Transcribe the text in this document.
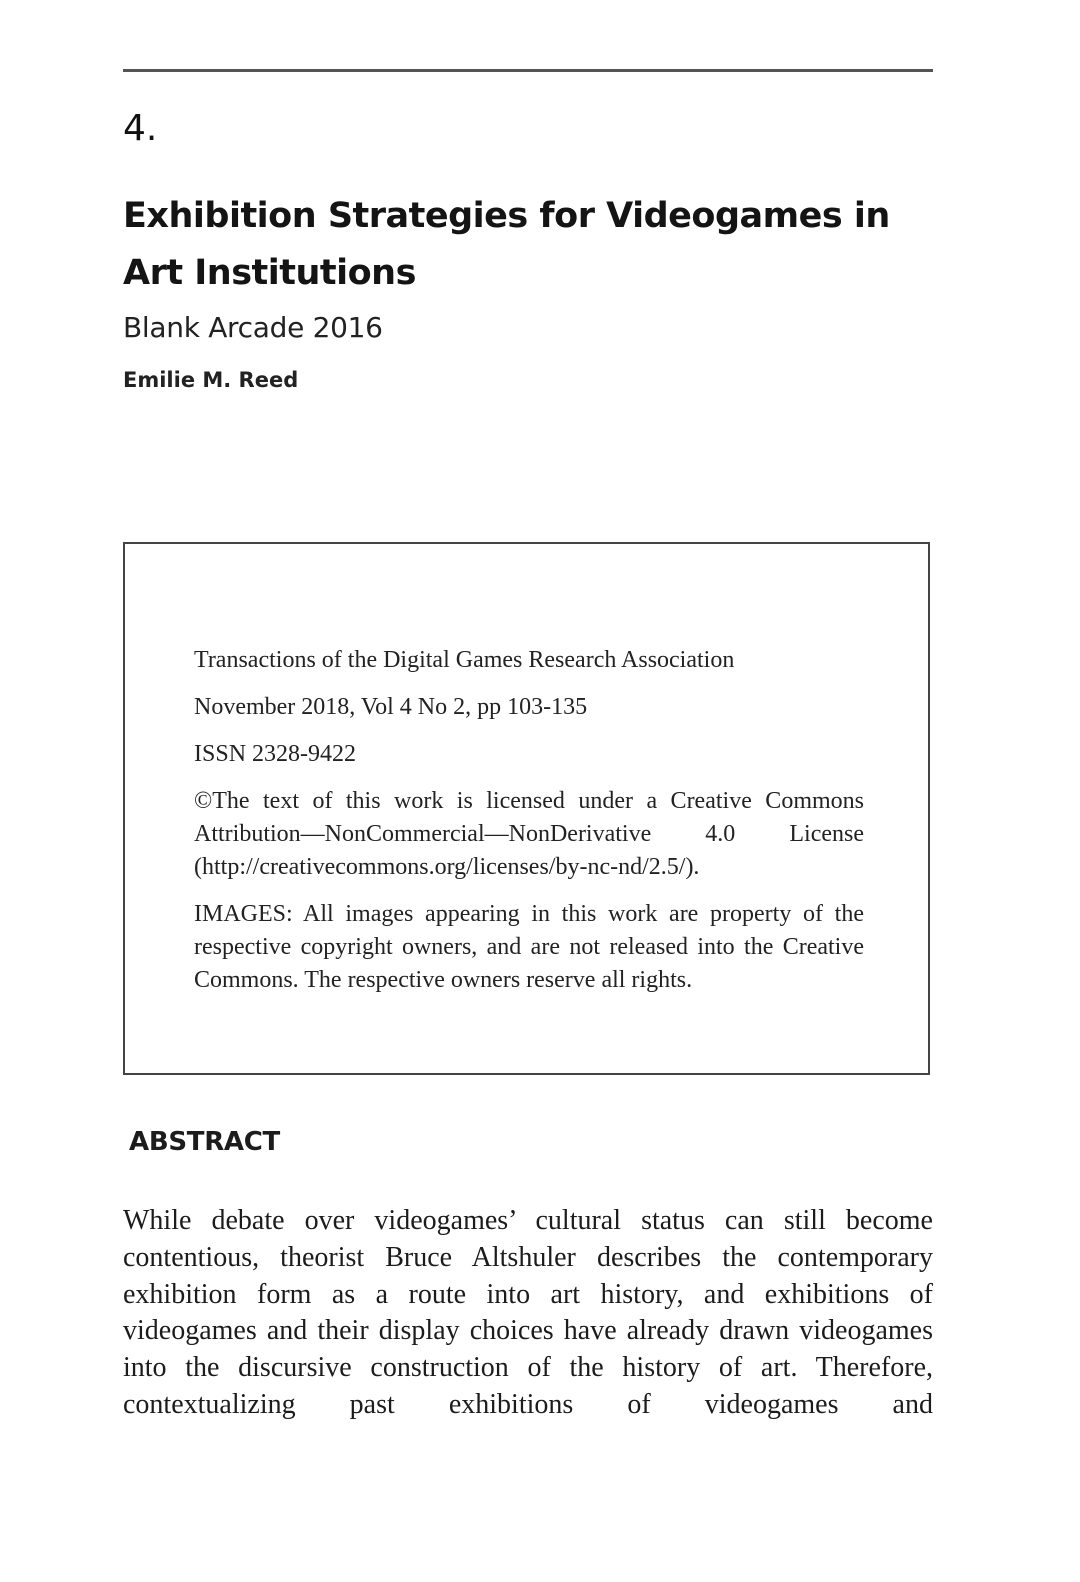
4.
Exhibition Strategies for Videogames in Art Institutions

Blank Arcade 2016

Emilie M. Reed

Transactions of the Digital Games Research Association

November 2018, Vol 4 No 2, pp 103-135

ISSN 2328-9422

©The text of this work is licensed under a Creative Commons Attribution—NonCommercial—NonDerivative 4.0 License (http://creativecommons.org/licenses/by-nc-nd/2.5/).

IMAGES: All images appearing in this work are property of the respective copyright owners, and are not released into the Creative Commons. The respective owners reserve all rights.

ABSTRACT

While debate over videogames’ cultural status can still become contentious, theorist Bruce Altshuler describes the contemporary exhibition form as a route into art history, and exhibitions of videogames and their display choices have already drawn videogames into the discursive construction of the history of art. Therefore, contextualizing past exhibitions of videogames and
